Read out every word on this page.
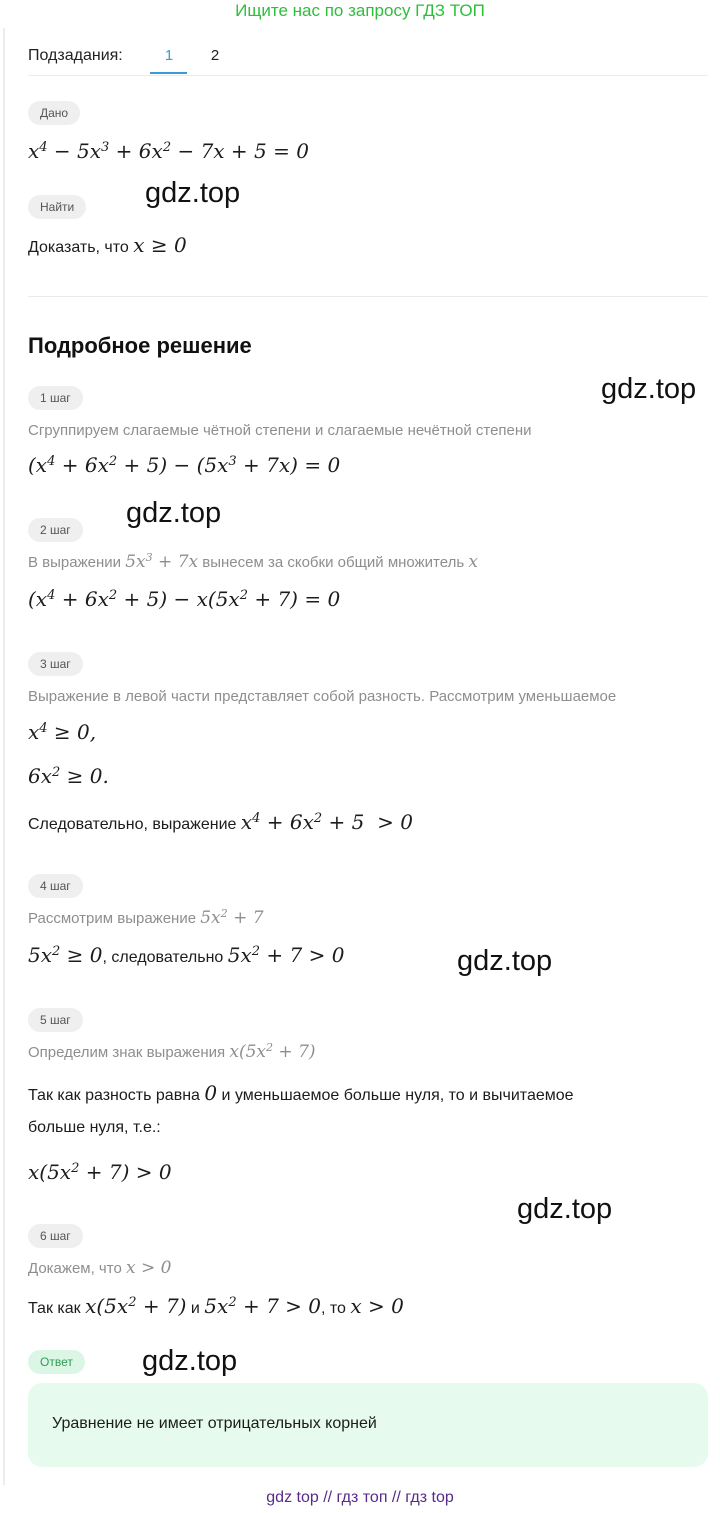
Ищите нас по запросу ГДЗ ТОП
Подзадания:	1	2
Дано
$x^4 - 5x^3 + 6x^2 - 7x + 5 = 0$
Найти
Доказать, что x ≥ 0
Подробное решение
1 шаг
Сгруппируем слагаемые чётной степени и слагаемые нечётной степени
$(x^4 + 6x^2 + 5) - (5x^3 + 7x) = 0$
2 шаг
В выражении $5x^3 + 7x$ вынесем за скобки общий множитель x
$(x^4 + 6x^2 + 5) - x(5x^2 + 7) = 0$
3 шаг
Выражение в левой части представляет собой разность. Рассмотрим уменьшаемое
$x^4 \ge 0$,
$6x^2 \ge 0$.
Следовательно, выражение $x^4 + 6x^2 + 5 > 0$
4 шаг
Рассмотрим выражение $5x^2 + 7$
$5x^2 \ge 0$, следовательно $5x^2 + 7 > 0$
5 шаг
Определим знак выражения $x(5x^2 + 7)$
Так как разность равна 0 и уменьшаемое больше нуля, то и вычитаемое
больше нуля, т.е.:
$x(5x^2 + 7) > 0$
6 шаг
Докажем, что x > 0
Так как $x(5x^2 + 7)$ и $5x^2 + 7 > 0$, то x > 0
Ответ
Уравнение не имеет отрицательных корней
gdz.top
gdz.top
gdz.top
gdz.top
gdz.top
gdz.top
gdz top // гдз топ // гдз top
